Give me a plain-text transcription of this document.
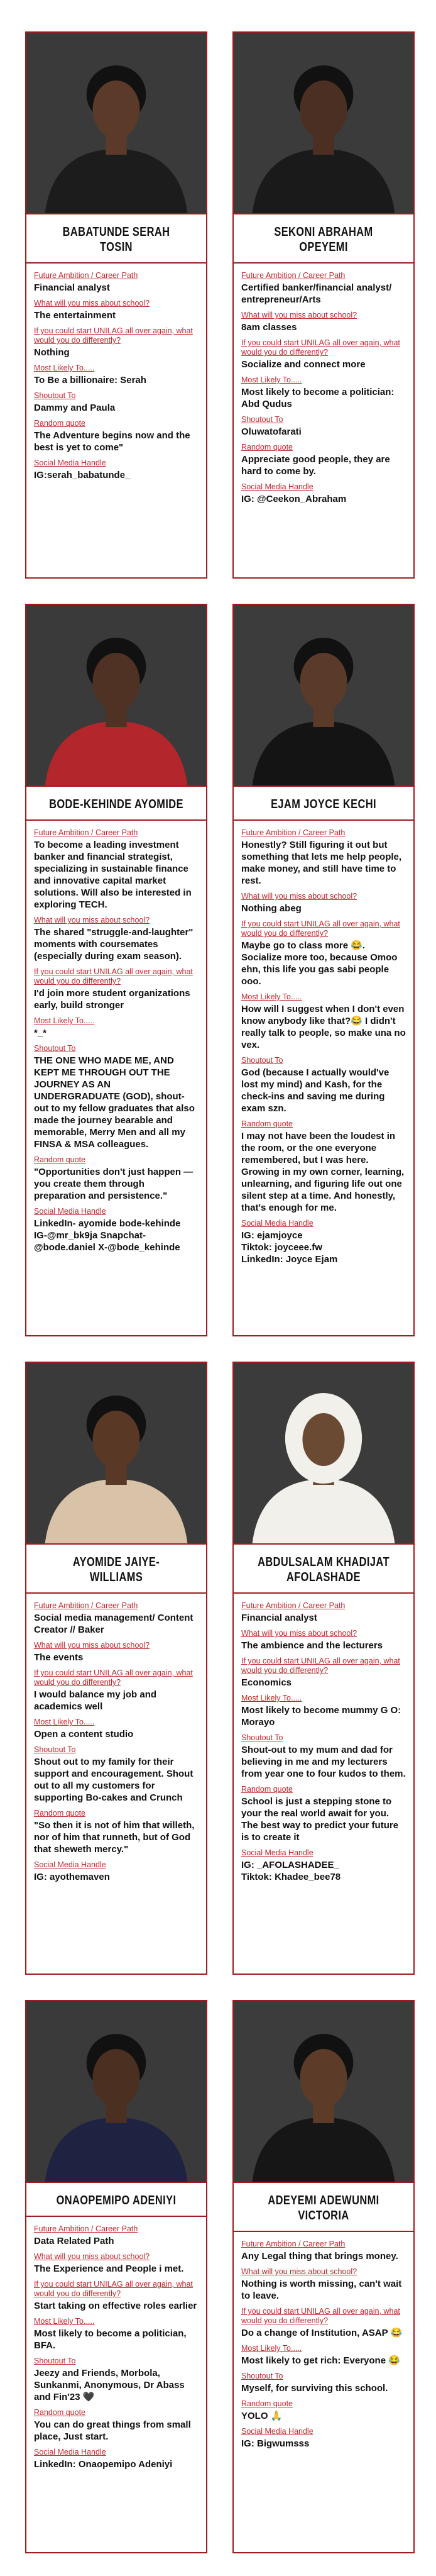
BABATUNDE SERAH TOSIN
Future Ambition / Career Path
Financial analyst
What will you miss about school?
The entertainment
If you could start UNILAG all over again, what would you do differently?
Nothing
Most Likely To.....
To Be a billionaire: Serah
Shoutout To
Dammy and Paula
Random quote
The Adventure begins now and the best is yet to come"
Social Media Handle
IG:serah_babatunde_
SEKONI ABRAHAM OPEYEMI
Future Ambition / Career Path
Certified banker/financial analyst/ entrepreneur/Arts
What will you miss about school?
8am classes
If you could start UNILAG all over again, what would you do differently?
Socialize and connect more
Most Likely To.....
Most likely to become a politician: Abd Qudus
Shoutout To
Oluwatofarati
Random quote
Appreciate good people, they are hard to come by.
Social Media Handle
IG: @Ceekon_Abraham
BODE-KEHINDE AYOMIDE
Future Ambition / Career Path
To become a leading investment banker and financial strategist, specializing in sustainable finance and innovative capital market solutions. Will also be interested in exploring TECH.
What will you miss about school?
The shared "struggle-and-laughter" moments with coursemates (especially during exam season).
If you could start UNILAG all over again, what would you do differently?
I'd join more student organizations early, build stronger
Most Likely To.....
*_*
Shoutout To
THE ONE WHO MADE ME, AND KEPT ME THROUGH OUT THE JOURNEY AS AN UNDERGRADUATE (GOD), shout-out to my fellow graduates that also made the journey bearable and memorable, Merry Men and all my FINSA & MSA colleagues.
Random quote
"Opportunities don't just happen — you create them through preparation and persistence."
Social Media Handle
LinkedIn- ayomide bode-kehinde
IG-@mr_bk9ja Snapchat-@bode.daniel X-@bode_kehinde
EJAM JOYCE KECHI
Future Ambition / Career Path
Honestly? Still figuring it out but something that lets me help people, make money, and still have time to rest.
What will you miss about school?
Nothing abeg
If you could start UNILAG all over again, what would you do differently?
Maybe go to class more 😂. Socialize more too, because Omoo ehn, this life you gas sabi people ooo.
Most Likely To.....
How will I suggest when I don't even know anybody like that?😂 I didn't really talk to people, so make una no vex.
Shoutout To
God (because I actually would've lost my mind) and Kash, for the check-ins and saving me during exam szn.
Random quote
I may not have been the loudest in the room, or the one everyone remembered, but I was here. Growing in my own corner, learning, unlearning, and figuring life out one silent step at a time. And honestly, that's enough for me.
Social Media Handle
IG: ejamjoyce
Tiktok: joyceee.fw
LinkedIn: Joyce Ejam
AYOMIDE JAIYE-WILLIAMS
Future Ambition / Career Path
Social media management/ Content Creator // Baker
What will you miss about school?
The events
If you could start UNILAG all over again, what would you do differently?
I would balance my job and academics well
Most Likely To.....
Open a content studio
Shoutout To
Shout out to my family for their support and encouragement. Shout out to all my customers for supporting Bo-cakes and Crunch
Random quote
"So then it is not of him that willeth, nor of him that runneth, but of God that sheweth mercy."
Social Media Handle
IG: ayothemaven
ABDULSALAM KHADIJAT AFOLASHADE
Future Ambition / Career Path
Financial analyst
What will you miss about school?
The ambience and the lecturers
If you could start UNILAG all over again, what would you do differently?
Economics
Most Likely To.....
Most likely to become mummy G O: Morayo
Shoutout To
Shout-out to my mum and dad for believing in me and my lecturers from year one to four kudos to them.
Random quote
School is just a stepping stone to your the real world await for you. The best way to predict your future is to create it
Social Media Handle
IG: _AFOLASHADEE_
Tiktok: Khadee_bee78
ONAOPEMIPO ADENIYI
Future Ambition / Career Path
Data Related Path
What will you miss about school?
The Experience and People i met.
If you could start UNILAG all over again, what would you do differently?
Start taking on effective roles earlier
Most Likely To.....
Most likely to become a politician, BFA.
Shoutout To
Jeezy and Friends, Morbola, Sunkanmi, Anonymous, Dr Abass and Fin'23 🖤
Random quote
You can do great things from small place, Just start.
Social Media Handle
LinkedIn: Onaopemipo Adeniyi
ADEYEMI ADEWUNMI VICTORIA
Future Ambition / Career Path
Any Legal thing that brings money.
What will you miss about school?
Nothing is worth missing, can't wait to leave.
If you could start UNILAG all over again, what would you do differently?
Do a change of Institution, ASAP 😂
Most Likely To.....
Most likely to get rich: Everyone 😂
Shoutout To
Myself, for surviving this school.
Random quote
YOLO 🙏
Social Media Handle
IG: Bigwumsss
